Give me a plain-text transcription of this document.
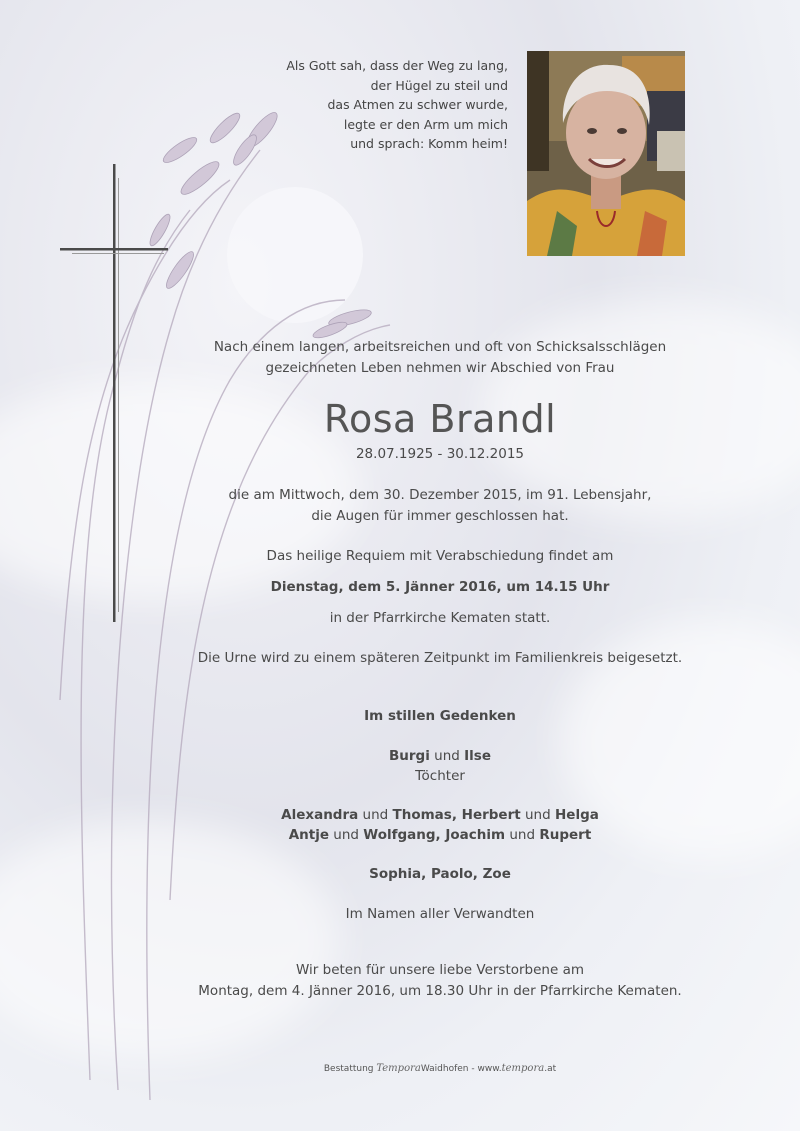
Als Gott sah, dass der Weg zu lang,
der Hügel zu steil und
das Atmen zu schwer wurde,
legte er den Arm um mich
und sprach: Komm heim!
Nach einem langen, arbeitsreichen und oft von Schicksalsschlägen
gezeichneten Leben nehmen wir Abschied von Frau
Rosa Brandl
28.07.1925 - 30.12.2015
die am Mittwoch, dem 30. Dezember 2015, im 91. Lebensjahr,
die Augen für immer geschlossen hat.
Das heilige Requiem mit Verabschiedung findet am
Dienstag, dem 5. Jänner 2016, um 14.15 Uhr
in der Pfarrkirche Kematen statt.
Die Urne wird zu einem späteren Zeitpunkt im Familienkreis beigesetzt.
Im stillen Gedenken
Burgi und Ilse
Töchter
Alexandra und Thomas, Herbert und Helga
Antje und Wolfgang, Joachim und Rupert
Sophia, Paolo, Zoe
Im Namen aller Verwandten
Wir beten für unsere liebe Verstorbene am
Montag, dem 4. Jänner 2016, um 18.30 Uhr in der Pfarrkirche Kematen.
Bestattung TemporaWaidhofen - www.tempora.at
